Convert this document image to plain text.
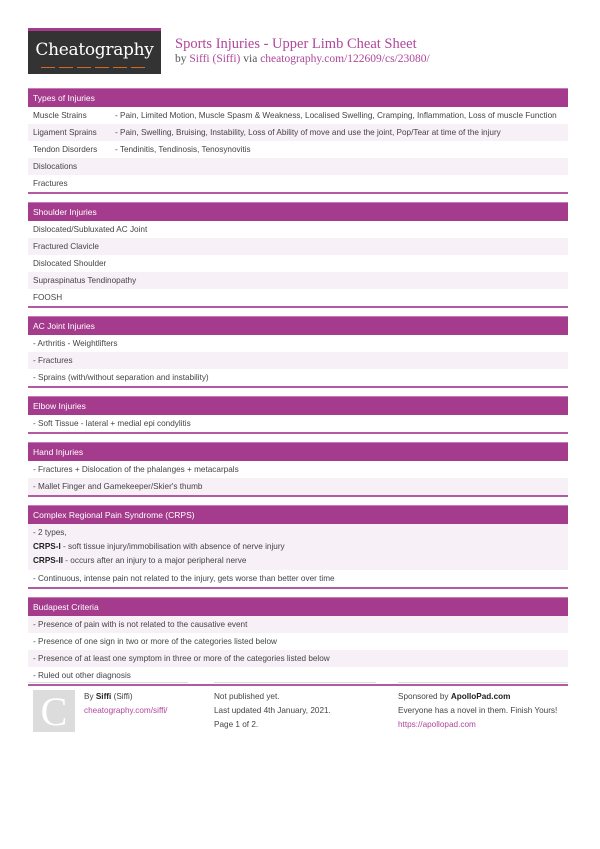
Cheatography	Sports Injuries - Upper Limb Cheat Sheet
by Siffi (Siffi) via cheatography.com/122609/cs/23080/
Types of Injuries
Muscle Strains	- Pain, Limited Motion, Muscle Spasm & Weakness, Localised Swelling, Cramping, Inflammation, Loss of muscle Function
Ligament Sprains	- Pain, Swelling, Bruising, Instability, Loss of Ability of move and use the joint, Pop/Tear at time of the injury
Tendon Disorders	- Tendinitis, Tendinosis, Tenosynovitis
Dislocations
Fractures
Shoulder Injuries
Dislocated/Subluxated AC Joint
Fractured Clavicle
Dislocated Shoulder
Supraspinatus Tendinopathy
FOOSH
AC Joint Injuries
- Arthritis - Weightlifters
- Fractures
- Sprains (with/without separation and instability)
Elbow Injuries
- Soft Tissue - lateral + medial epi condylitis
Hand Injuries
- Fractures + Dislocation of the phalanges + metacarpals
- Mallet Finger and Gamekeeper/Skier's thumb
Complex Regional Pain Syndrome (CRPS)
- 2 types,
CRPS-I - soft tissue injury/immobilisation with absence of nerve injury
CRPS-II - occurs after an injury to a major peripheral nerve
- Continuous, intense pain not related to the injury, gets worse than better over time
Budapest Criteria
- Presence of pain with is not related to the causative event
- Presence of one sign in two or more of the categories listed below
- Presence of at least one symptom in three or more of the categories listed below
- Ruled out other diagnosis
C	By Siffi (Siffi)
cheatography.com/siffi/
Not published yet.
Last updated 4th January, 2021.
Page 1 of 2.
Sponsored by ApolloPad.com
Everyone has a novel in them. Finish Yours!
https://apollopad.com
